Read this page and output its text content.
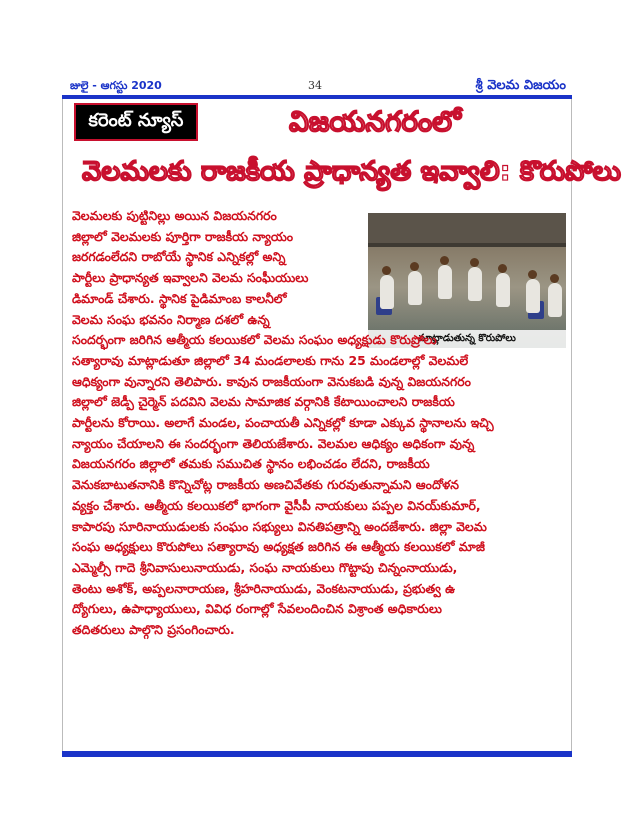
జులై - ఆగస్టు 2020	34	శ్రీ వెలమ విజయం
కరెంట్ న్యూస్	విజయనగరంలో
వెలమలకు రాజకీయ ప్రాధాన్యత ఇవ్వాలి: కొరుపోలు
మాట్లాడుతున్న కొరుపోలు
వెలమలకు పుట్టినిల్లు అయిన విజయనగరం
జిల్లాలో వెలమలకు పూర్తిగా రాజకీయ న్యాయం
జరగడంలేదని రాబోయే స్థానిక ఎన్నికల్లో అన్ని
పార్టీలు ప్రాధాన్యత ఇవ్వాలని వెలమ సంఘీయులు
డిమాండ్ చేశారు. స్థానిక పైడిమాంబ కాలనీలో
వెలమ సంఘ భవనం నిర్మాణ దశలో ఉన్న
సందర్భంగా జరిగిన ఆత్మీయ కలయికలో వెలమ సంఘం అధ్యక్షుడు కొరుప్రోలు
సత్యారావు మాట్లాడుతూ జిల్లాలో 34 మండలాలకు గాను 25 మండలాల్లో వెలమలే
ఆధిక్యంగా వున్నారని తెలిపారు. కావున రాజకీయంగా వెనుకబడి వున్న విజయనగరం
జిల్లాలో జెడ్పీ చైర్మెన్ పదవిని వెలమ సామాజిక వర్గానికి కేటాయించాలని రాజకీయ
పార్టీలను కోరాయి. అలాగే మండల, పంచాయతీ ఎన్నికల్లో కూడా ఎక్కువ స్థానాలను ఇచ్చి
న్యాయం చేయాలని ఈ సందర్భంగా తెలియజేశారు. వెలమల ఆధిక్యం అధికంగా వున్న
విజయనగరం జిల్లాలో తమకు సముచిత స్థానం లభించడం లేదని, రాజకీయ
వెనుకబాటుతనానికి కొన్నిచోట్ల రాజకీయ అణచివేతకు గురవుతున్నామని ఆందోళన
వ్యక్తం చేశారు. ఆత్మీయ కలయికలో భాగంగా వైసీపీ నాయకులు పప్పల వినయ్‌కుమార్,
కాపారపు సూరినాయుడులకు సంఘం సభ్యులు వినతిపత్రాన్ని అందజేశారు. జిల్లా వెలమ
సంఘ అధ్యక్షులు కొరుపోలు సత్యారావు అధ్యక్షత జరిగిన ఈ ఆత్మీయ కలయికలో మాజీ
ఎమ్మెల్సీ గాదె శ్రీనివాసులునాయుడు, సంఘ నాయకులు గొట్టాపు చిన్నంనాయుడు,
తెంటు అశోక్, అప్పలనారాయణ, శ్రీహరినాయుడు, వెంకటనాయుడు, ప్రభుత్వ ఉ
ద్యోగులు, ఉపాధ్యాయులు, వివిధ రంగాల్లో సేవలందించిన విశ్రాంత అధికారులు
తదితరులు పాల్గొని ప్రసంగించారు.
